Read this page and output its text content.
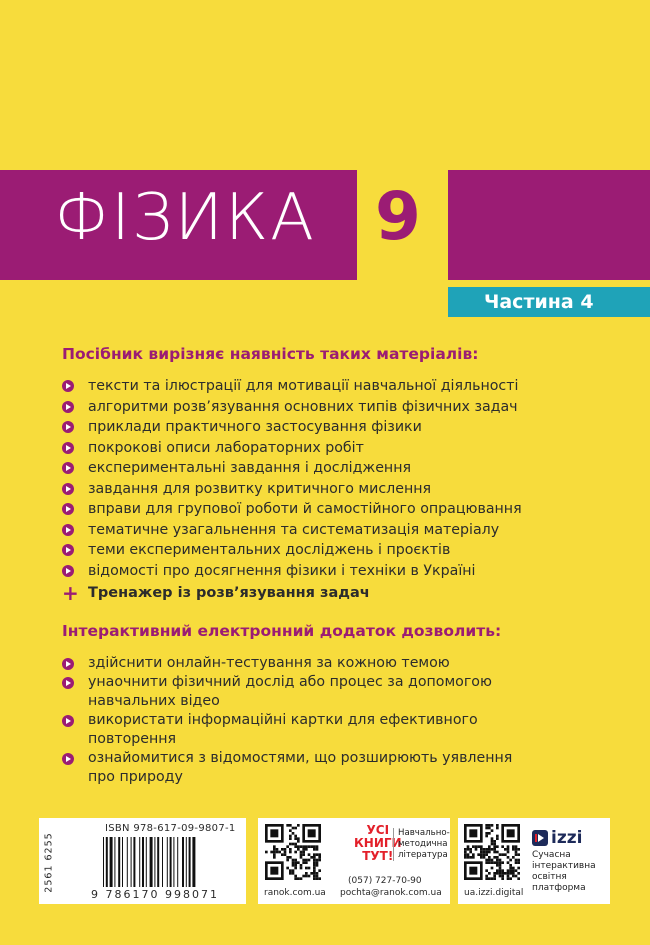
ФІЗИКА 9
Частина 4
Посібник вирізняє наявність таких матеріалів:
тексти та ілюстрації для мотивації навчальної діяльності
алгоритми розв’язування основних типів фізичних задач
приклади практичного застосування фізики
покрокові описи лабораторних робіт
експериментальні завдання і дослідження
завдання для розвитку критичного мислення
вправи для групової роботи й самостійного опрацювання
тематичне узагальнення та систематизація матеріалу
теми експериментальних досліджень і проєктів
відомості про досягнення фізики і техніки в Україні
+ Тренажер із розв’язування задач
Інтерактивний електронний додаток дозволить:
здійснити онлайн-тестування за кожною темою
унаочнити фізичний дослід або процес за допомогою
навчальних відео
використати інформаційні картки для ефективного
повторення
ознайомитися з відомостями, що розширюють уявлення
про природу
2561 6255
ISBN 978-617-09-9807-1
9 786170 998071
УСІ
КНИГИ
ТУТ!
Навчально-
методична
література
ranok.com.ua
(057) 727-70-90
pochta@ranok.com.ua
izzi
Сучасна
інтерактивна
освітня
платформа
ua.izzi.digital
